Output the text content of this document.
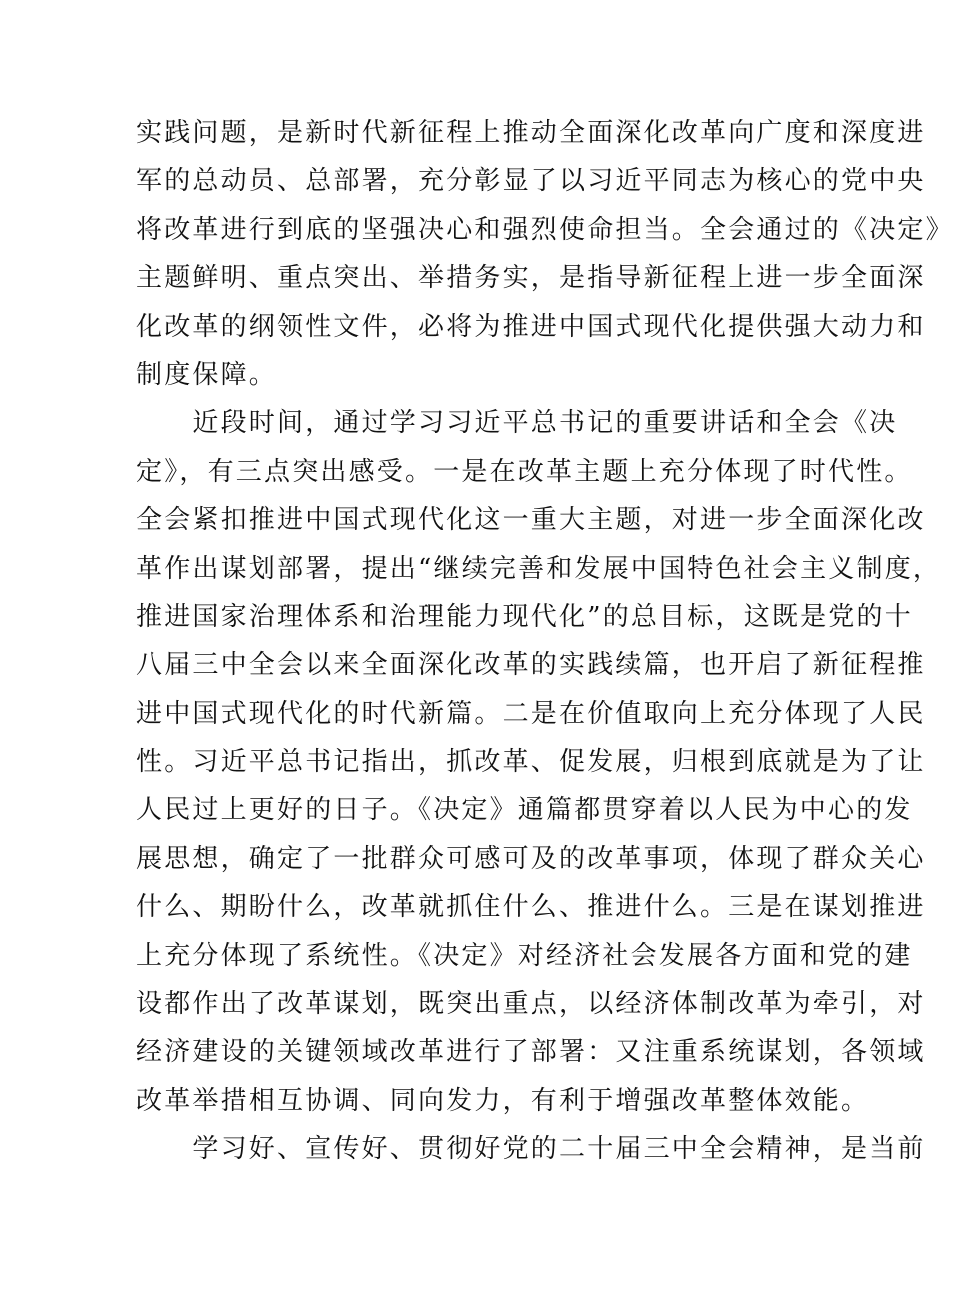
实践问题，是新时代新征程上推动全面深化改革向广度和深度进
军的总动员、总部署，充分彰显了以习近平同志为核心的党中央
将改革进行到底的坚强决心和强烈使命担当。全会通过的《决定》
主题鲜明、重点突出、举措务实，是指导新征程上进一步全面深
化改革的纲领性文件，必将为推进中国式现代化提供强大动力和
制度保障。
　　近段时间，通过学习习近平总书记的重要讲话和全会《决
定》，有三点突出感受。一是在改革主题上充分体现了时代性。
全会紧扣推进中国式现代化这一重大主题，对进一步全面深化改
革作出谋划部署，提出“继续完善和发展中国特色社会主义制度，
推进国家治理体系和治理能力现代化”的总目标，这既是党的十
八届三中全会以来全面深化改革的实践续篇，也开启了新征程推
进中国式现代化的时代新篇。二是在价值取向上充分体现了人民
性。习近平总书记指出，抓改革、促发展，归根到底就是为了让
人民过上更好的日子。《决定》通篇都贯穿着以人民为中心的发
展思想，确定了一批群众可感可及的改革事项，体现了群众关心
什么、期盼什么，改革就抓住什么、推进什么。三是在谋划推进
上充分体现了系统性。《决定》对经济社会发展各方面和党的建
设都作出了改革谋划，既突出重点，以经济体制改革为牵引，对
经济建设的关键领域改革进行了部署：又注重系统谋划，各领域
改革举措相互协调、同向发力，有利于增强改革整体效能。
　　学习好、宣传好、贯彻好党的二十届三中全会精神，是当前
